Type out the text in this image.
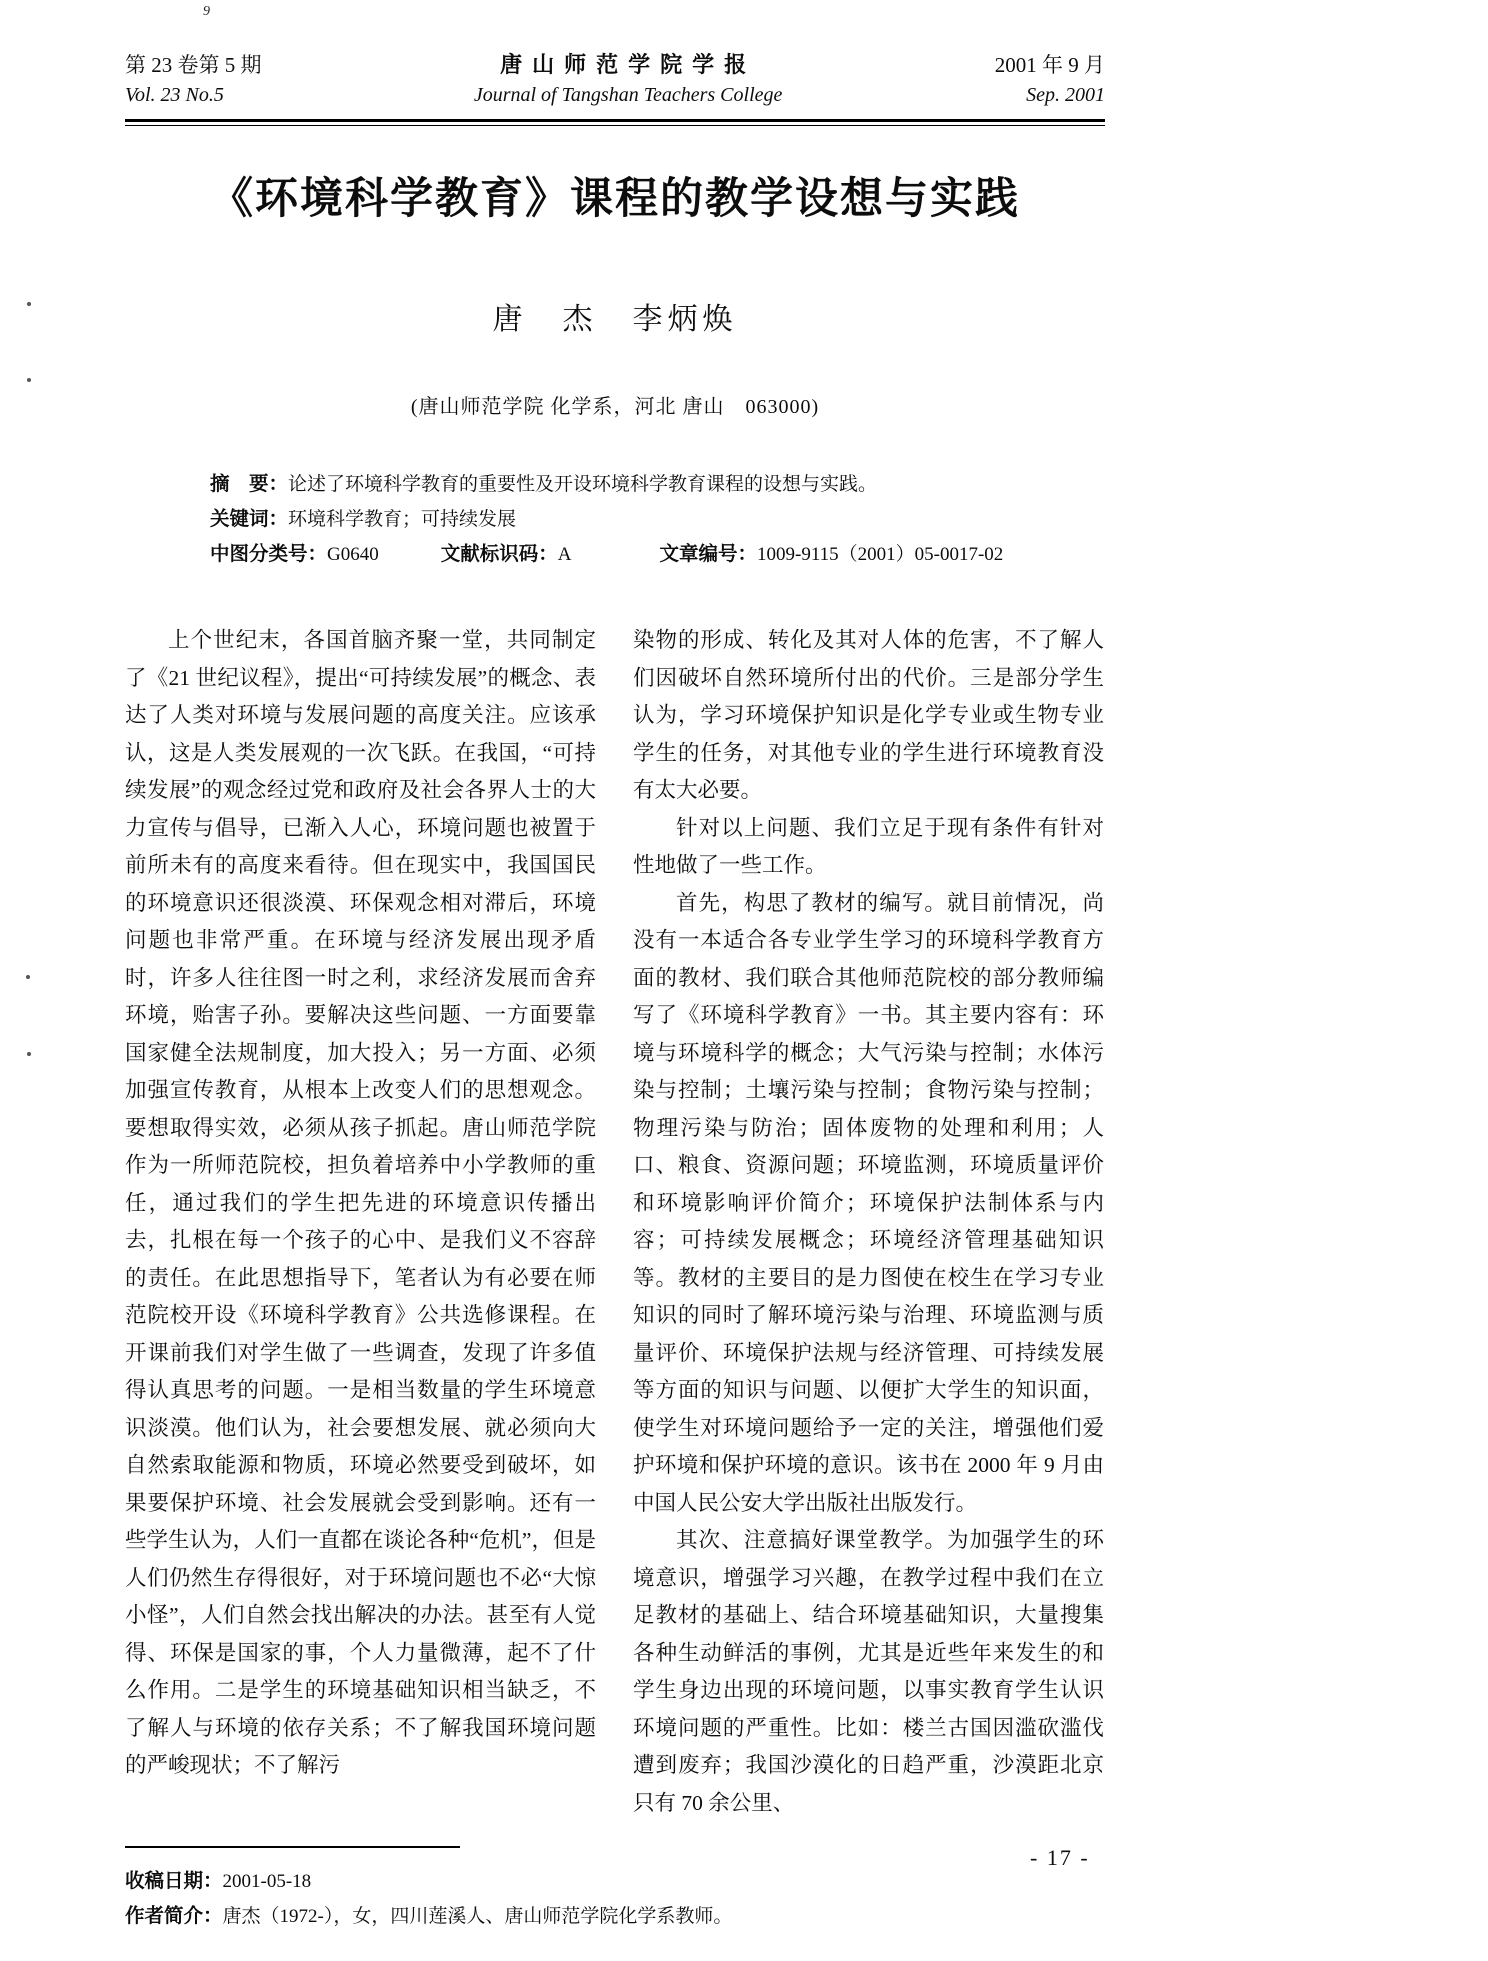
9
第 23 卷第 5 期
Vol. 23 No.5
唐山师范学院学报
Journal of Tangshan Teachers College
2001 年 9 月
Sep. 2001
《环境科学教育》课程的教学设想与实践
唐　杰　李炳焕
(唐山师范学院 化学系，河北 唐山　063000)
摘　要：论述了环境科学教育的重要性及开设环境科学教育课程的设想与实践。
关键词：环境科学教育；可持续发展
中图分类号：G0640	文献标识码：A	文章编号：1009-9115（2001）05-0017-02
上个世纪末，各国首脑齐聚一堂，共同制定了《21 世纪议程》，提出“可持续发展”的概念、表达了人类对环境与发展问题的高度关注。应该承认，这是人类发展观的一次飞跃。在我国，“可持续发展”的观念经过党和政府及社会各界人士的大力宣传与倡导，已渐入人心，环境问题也被置于前所未有的高度来看待。但在现实中，我国国民的环境意识还很淡漠、环保观念相对滞后，环境问题也非常严重。在环境与经济发展出现矛盾时，许多人往往图一时之利，求经济发展而舍弃环境，贻害子孙。要解决这些问题、一方面要靠国家健全法规制度，加大投入；另一方面、必须加强宣传教育，从根本上改变人们的思想观念。要想取得实效，必须从孩子抓起。唐山师范学院作为一所师范院校，担负着培养中小学教师的重任，通过我们的学生把先进的环境意识传播出去，扎根在每一个孩子的心中、是我们义不容辞的责任。在此思想指导下，笔者认为有必要在师范院校开设《环境科学教育》公共选修课程。在开课前我们对学生做了一些调查，发现了许多值得认真思考的问题。一是相当数量的学生环境意识淡漠。他们认为，社会要想发展、就必须向大自然索取能源和物质，环境必然要受到破坏，如果要保护环境、社会发展就会受到影响。还有一些学生认为，人们一直都在谈论各种“危机”，但是人们仍然生存得很好，对于环境问题也不必“大惊小怪”，人们自然会找出解决的办法。甚至有人觉得、环保是国家的事，个人力量微薄，起不了什么作用。二是学生的环境基础知识相当缺乏，不了解人与环境的依存关系；不了解我国环境问题的严峻现状；不了解污
染物的形成、转化及其对人体的危害，不了解人们因破坏自然环境所付出的代价。三是部分学生认为，学习环境保护知识是化学专业或生物专业学生的任务，对其他专业的学生进行环境教育没有太大必要。
针对以上问题、我们立足于现有条件有针对性地做了一些工作。
首先，构思了教材的编写。就目前情况，尚没有一本适合各专业学生学习的环境科学教育方面的教材、我们联合其他师范院校的部分教师编写了《环境科学教育》一书。其主要内容有：环境与环境科学的概念；大气污染与控制；水体污染与控制；土壤污染与控制；食物污染与控制；物理污染与防治；固体废物的处理和利用；人口、粮食、资源问题；环境监测，环境质量评价和环境影响评价简介；环境保护法制体系与内容；可持续发展概念；环境经济管理基础知识等。教材的主要目的是力图使在校生在学习专业知识的同时了解环境污染与治理、环境监测与质量评价、环境保护法规与经济管理、可持续发展等方面的知识与问题、以便扩大学生的知识面，使学生对环境问题给予一定的关注，增强他们爱护环境和保护环境的意识。该书在 2000 年 9 月由中国人民公安大学出版社出版发行。
其次、注意搞好课堂教学。为加强学生的环境意识，增强学习兴趣，在教学过程中我们在立足教材的基础上、结合环境基础知识，大量搜集各种生动鲜活的事例，尤其是近些年来发生的和学生身边出现的环境问题，以事实教育学生认识环境问题的严重性。比如：楼兰古国因滥砍滥伐遭到废弃；我国沙漠化的日趋严重，沙漠距北京只有 70 余公里、
收稿日期：2001-05-18
作者简介：唐杰（1972-），女，四川莲溪人、唐山师范学院化学系教师。
- 17 -
